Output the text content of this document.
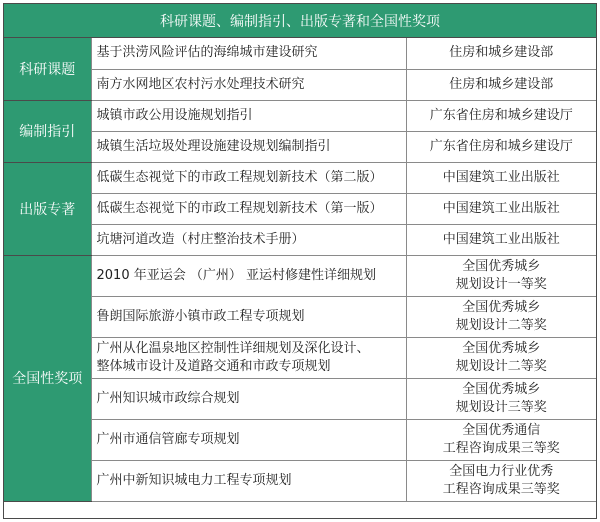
科研课题、编制指引、出版专著和全国性奖项
科研课题	基于洪涝风险评估的海绵城市建设研究	住房和城乡建设部

	南方水网地区农村污水处理技术研究	住房和城乡建设部

编制指引	城镇市政公用设施规划指引	广东省住房和城乡建设厅

	城镇生活垃圾处理设施建设规划编制指引	广东省住房和城乡建设厅

出版专著	低碳生态视觉下的市政工程规划新技术（第二版）	中国建筑工业出版社

	低碳生态视觉下的市政工程规划新技术（第一版）	中国建筑工业出版社

	坑塘河道改造（村庄整治技术手册）	中国建筑工业出版社

全国性奖项	2010 年亚运会 （广州） 亚运村修建性详细规划	全国优秀城乡
规划设计一等奖

	鲁朗国际旅游小镇市政工程专项规划	全国优秀城乡
规划设计二等奖

	广州从化温泉地区控制性详细规划及深化设计、
整体城市设计及道路交通和市政专项规划	全国优秀城乡
规划设计二等奖

	广州知识城市政综合规划	全国优秀城乡
规划设计三等奖

	广州市通信管廊专项规划	全国优秀通信
工程咨询成果三等奖

	广州中新知识城电力工程专项规划	全国电力行业优秀
工程咨询成果三等奖
